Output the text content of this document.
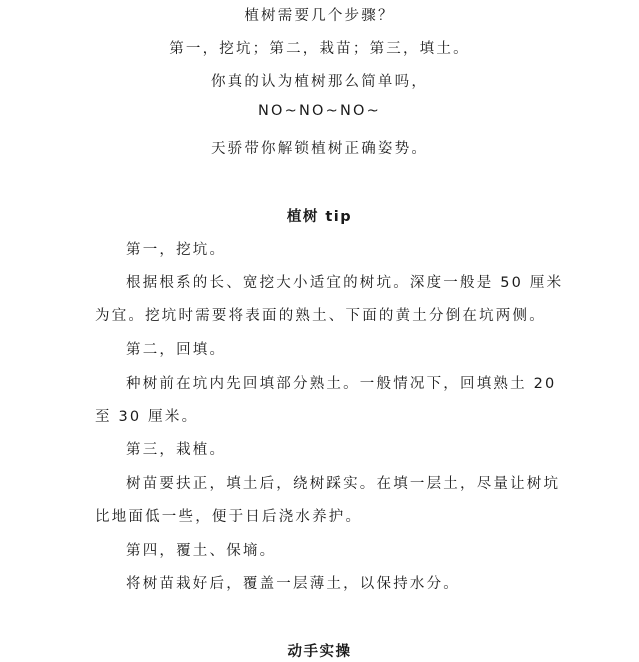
植树需要几个步骤？
第一，挖坑；第二，栽苗；第三，填土。
你真的认为植树那么简单吗，
NO~NO~NO~
天骄带你解锁植树正确姿势。
植树 tip
第一，挖坑。
根据根系的长、宽挖大小适宜的树坑。深度一般是 50 厘米
为宜。挖坑时需要将表面的熟土、下面的黄土分倒在坑两侧。
第二，回填。
种树前在坑内先回填部分熟土。一般情况下，回填熟土 20
至 30 厘米。
第三，栽植。
树苗要扶正，填土后，绕树踩实。在填一层土，尽量让树坑
比地面低一些，便于日后浇水养护。
第四，覆土、保墒。
将树苗栽好后，覆盖一层薄土，以保持水分。
动手实操
